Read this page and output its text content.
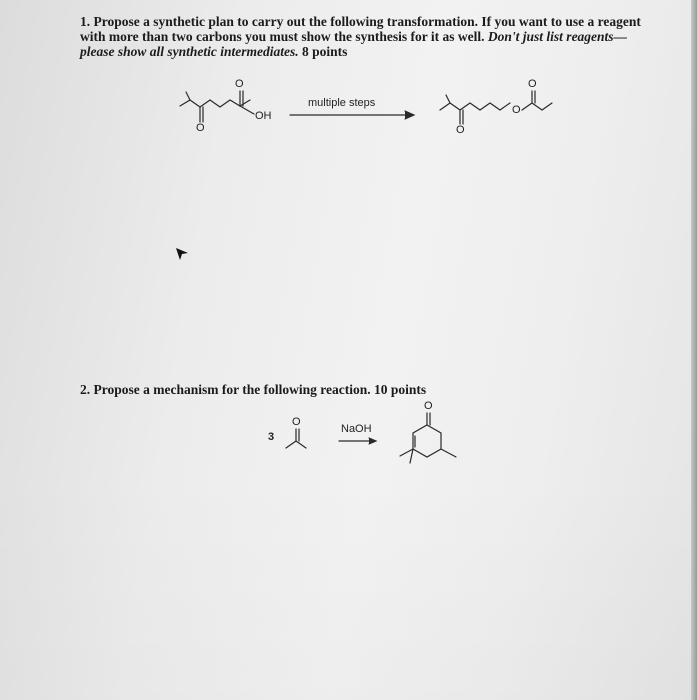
1. Propose a synthetic plan to carry out the following transformation. If you want to use a reagent with more than two carbons you must show the synthesis for it as well. Don't just list reagents—please show all synthetic intermediates. 8 points
O
O
OH
multiple steps
O
O
O
2. Propose a mechanism for the following reaction. 10 points
3
O
NaOH
O
